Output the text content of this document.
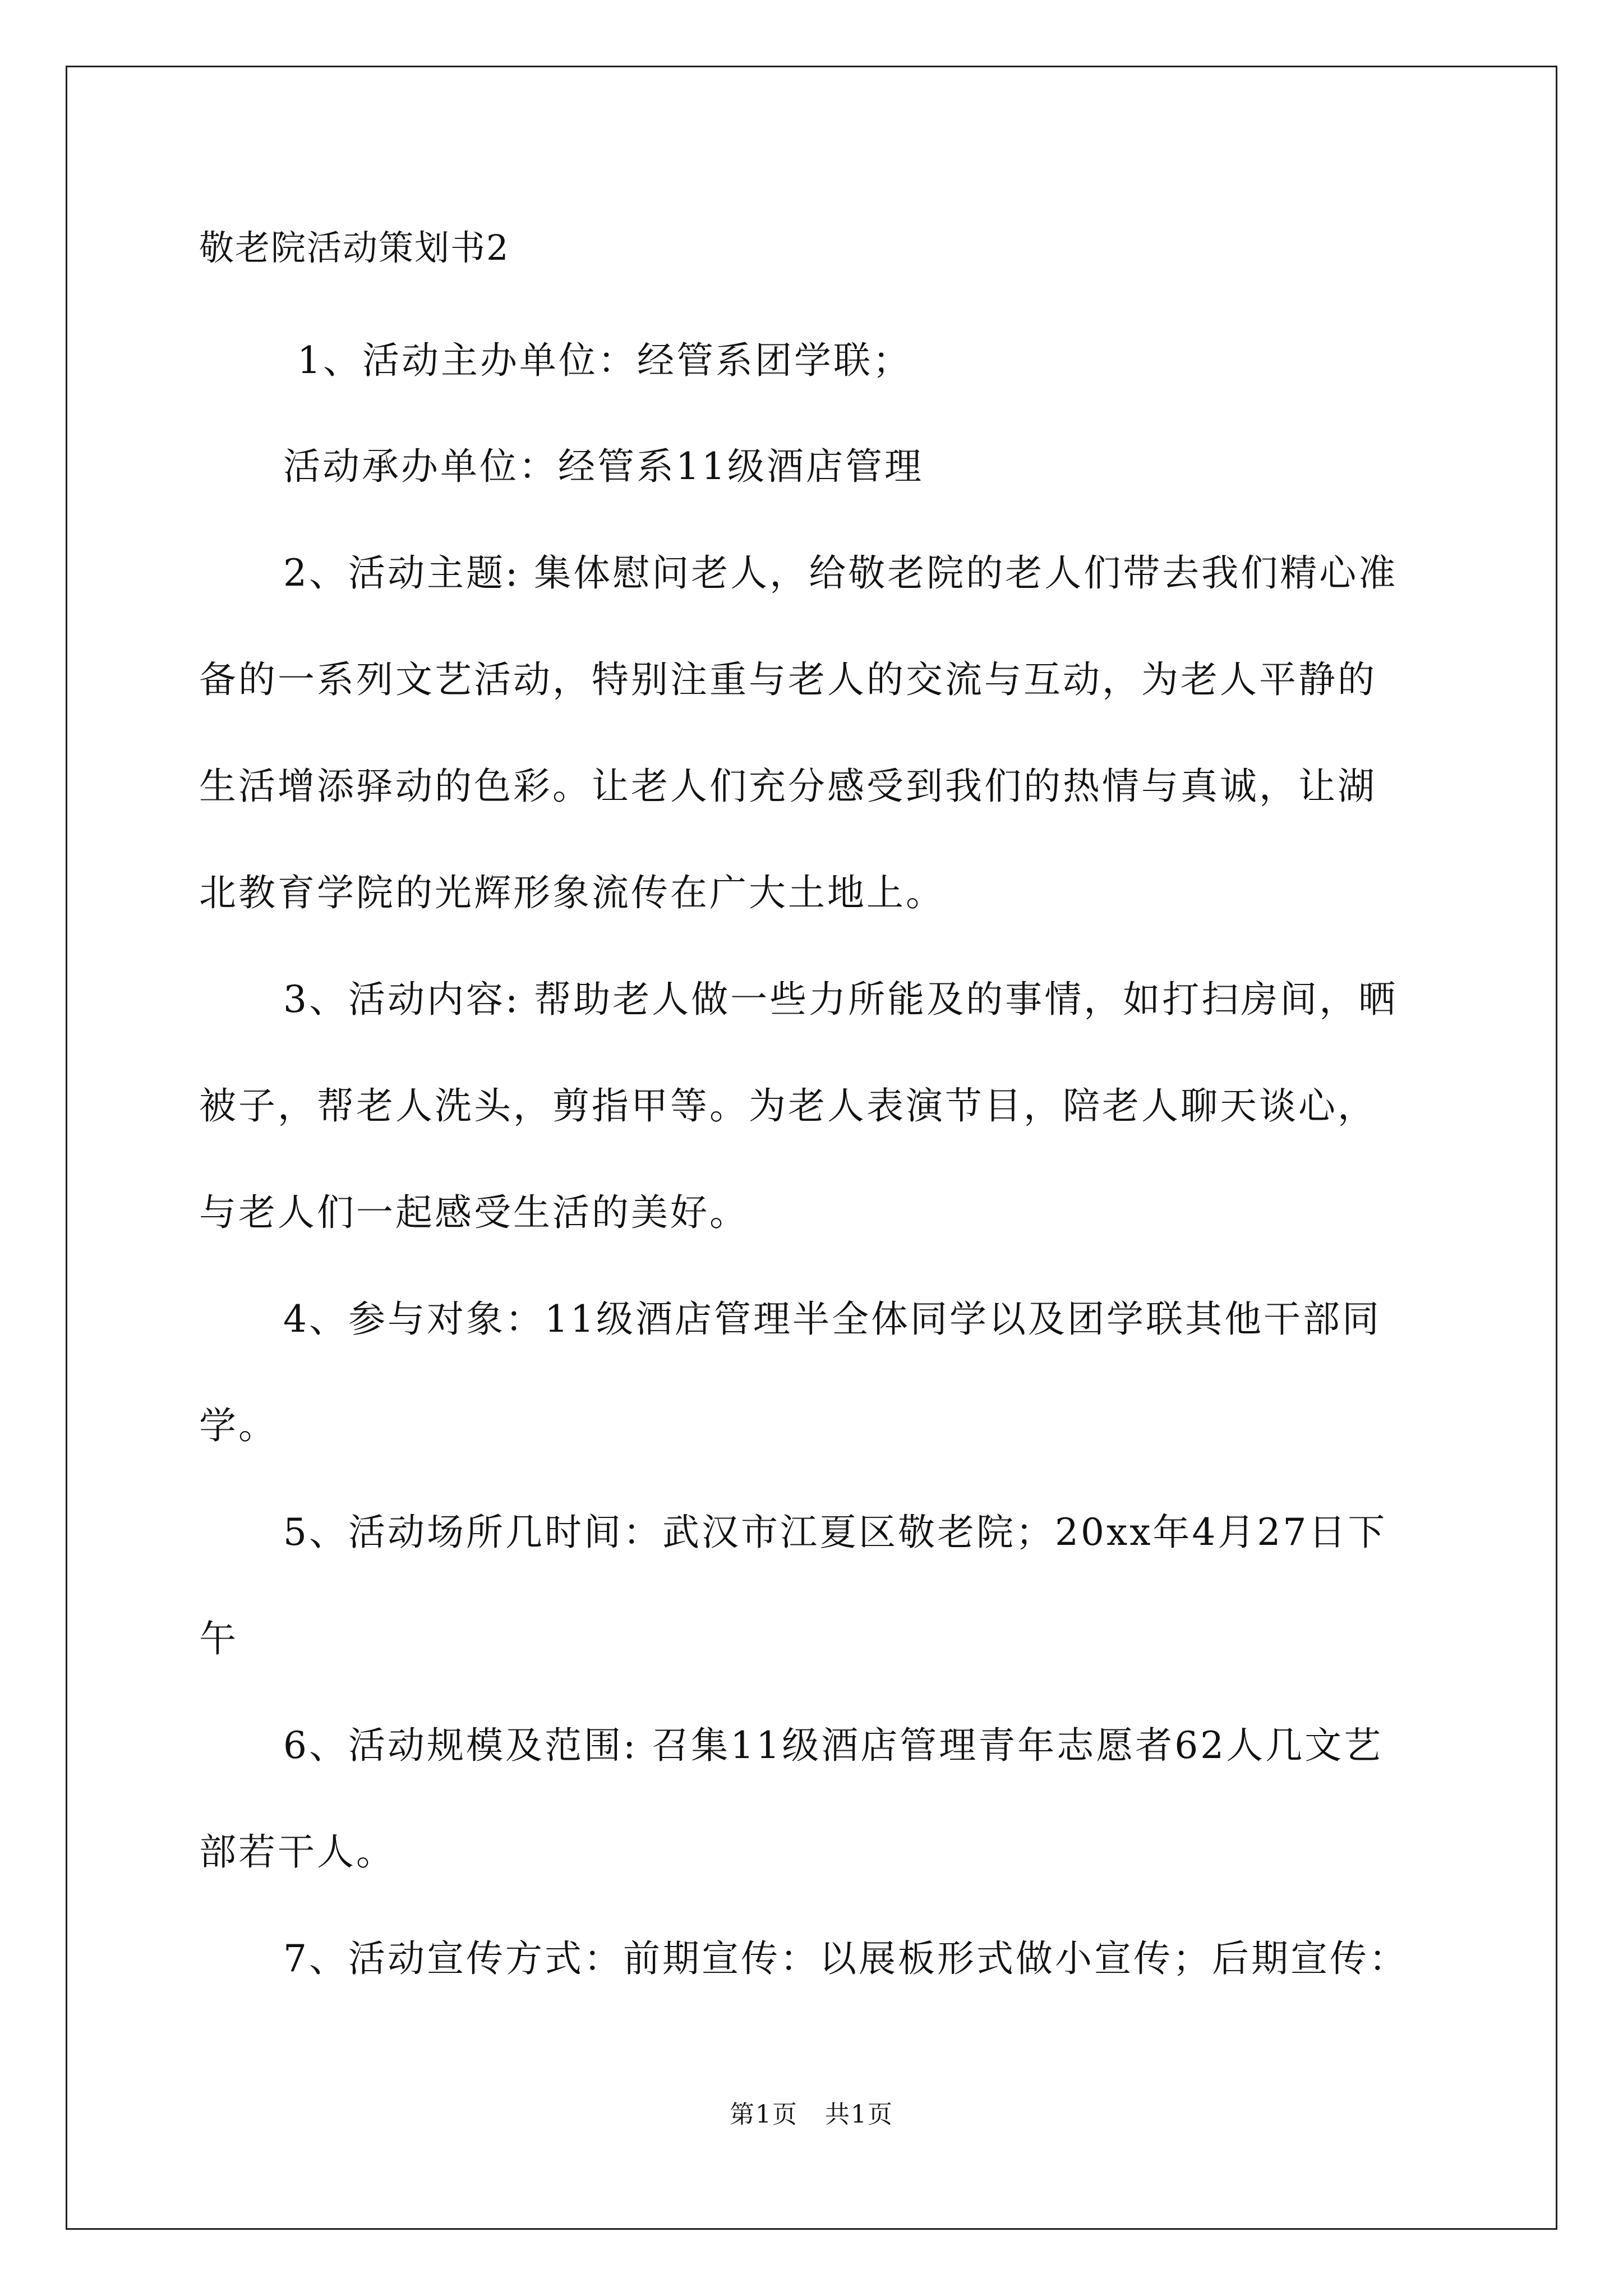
敬老院活动策划书2
1、活动主办单位：经管系团学联；
活动承办单位：经管系11级酒店管理
2、活动主题: 集体慰问老人，给敬老院的老人们带去我们精心准
备的一系列文艺活动，特别注重与老人的交流与互动，为老人平静的
生活增添驿动的色彩。让老人们充分感受到我们的热情与真诚，让湖
北教育学院的光辉形象流传在广大土地上。
3、活动内容: 帮助老人做一些力所能及的事情，如打扫房间，晒
被子，帮老人洗头，剪指甲等。为老人表演节目，陪老人聊天谈心，
与老人们一起感受生活的美好。
4、参与对象：11级酒店管理半全体同学以及团学联其他干部同
学。
5、活动场所几时间：武汉市江夏区敬老院；20xx年4月27日下
午
6、活动规模及范围: 召集11级酒店管理青年志愿者62人几文艺
部若干人。
7、活动宣传方式：前期宣传：以展板形式做小宣传；后期宣传：
第1页   共1页
